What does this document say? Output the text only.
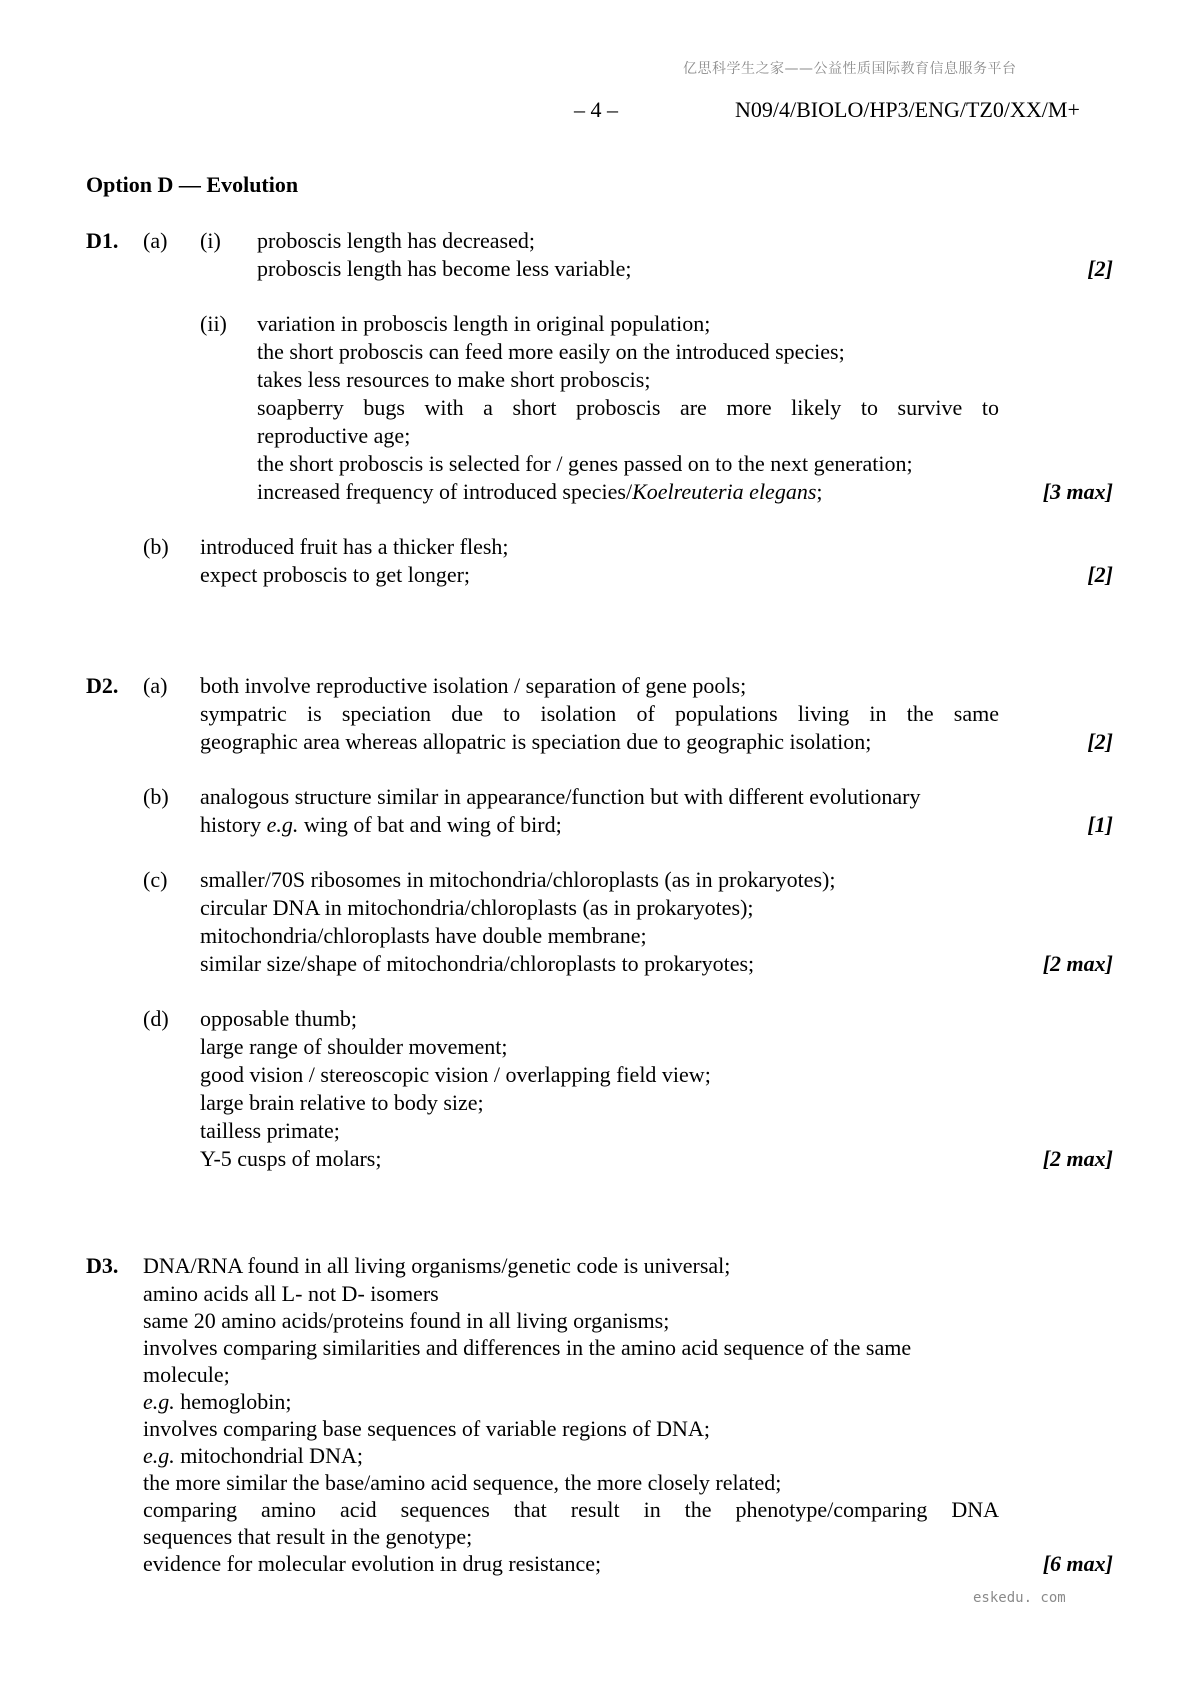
亿思科学生之家——公益性质国际教育信息服务平台
– 4 –	N09/4/BIOLO/HP3/ENG/TZ0/XX/M+
Option D — Evolution
D1. (a) (i) proboscis length has decreased;
proboscis length has become less variable;	[2]
(ii) variation in proboscis length in original population;
the short proboscis can feed more easily on the introduced species;
takes less resources to make short proboscis;
soapberry bugs with a short proboscis are more likely to survive to
reproductive age;
the short proboscis is selected for / genes passed on to the next generation;
increased frequency of introduced species/Koelreuteria elegans;	[3 max]
(b) introduced fruit has a thicker flesh;
expect proboscis to get longer;	[2]
D2. (a) both involve reproductive isolation / separation of gene pools;
sympatric is speciation due to isolation of populations living in the same
geographic area whereas allopatric is speciation due to geographic isolation;	[2]
(b) analogous structure similar in appearance/function but with different evolutionary
history e.g. wing of bat and wing of bird;	[1]
(c) smaller/70S ribosomes in mitochondria/chloroplasts (as in prokaryotes);
circular DNA in mitochondria/chloroplasts (as in prokaryotes);
mitochondria/chloroplasts have double membrane;
similar size/shape of mitochondria/chloroplasts to prokaryotes;	[2 max]
(d) opposable thumb;
large range of shoulder movement;
good vision / stereoscopic vision / overlapping field view;
large brain relative to body size;
tailless primate;
Y-5 cusps of molars;	[2 max]
D3. DNA/RNA found in all living organisms/genetic code is universal;
amino acids all L- not D- isomers
same 20 amino acids/proteins found in all living organisms;
involves comparing similarities and differences in the amino acid sequence of the same
molecule;
e.g. hemoglobin;
involves comparing base sequences of variable regions of DNA;
e.g. mitochondrial DNA;
the more similar the base/amino acid sequence, the more closely related;
comparing amino acid sequences that result in the phenotype/comparing DNA
sequences that result in the genotype;
evidence for molecular evolution in drug resistance;	[6 max]
eskedu. com
